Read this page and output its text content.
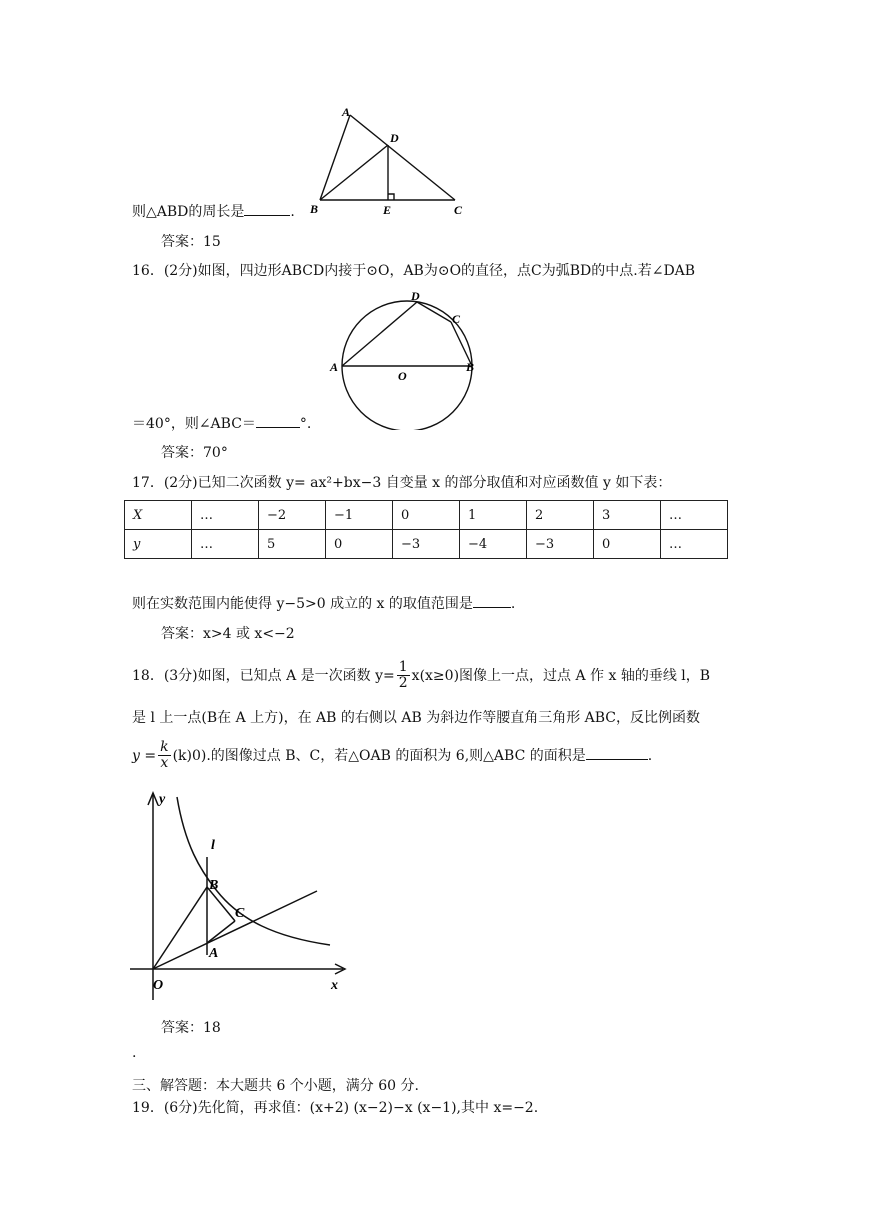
A
D
B	E	C
则△ABD的周长是	.
答案：15
16．(2分)如图，四边形ABCD内接于⊙O，AB为⊙O的直径，点C为弧BD的中点.若∠DAB
D
C
A
O
B
＝40°，则∠ABC＝	°.
答案：70°
17．(2分)已知二次函数 y= ax²+bx−3 自变量 x 的部分取值和对应函数值 y 如下表：
X	…	−2	−1	0	1	2	3	…
y	…	5	0	−3	−4	−3	0	…
则在实数范围内能使得 y−5>0 成立的 x 的取值范围是	.
答案：x>4 或 x<−2
18．(3分)如图，已知点 A 是一次函数 $y= \frac{1}{2} x(x\ge 0)$图像上一点，过点 A 作 x 轴的垂线 l，B
是 l 上一点(B在 A 上方)，在 AB 的右侧以 AB 为斜边作等腰直角三角形 ABC，反比例函数
$y = \frac{k}{x} (k)0$).的图像过点 B、C，若△OAB 的面积为 6,则△ABC 的面积是	.
y
l
B
C
A
O	x
答案：18
.
三、解答题：本大题共 6 个小题，满分 60 分.
19．(6分)先化简，再求值：(x+2) (x−2)−x (x−1),其中 x=−2.
